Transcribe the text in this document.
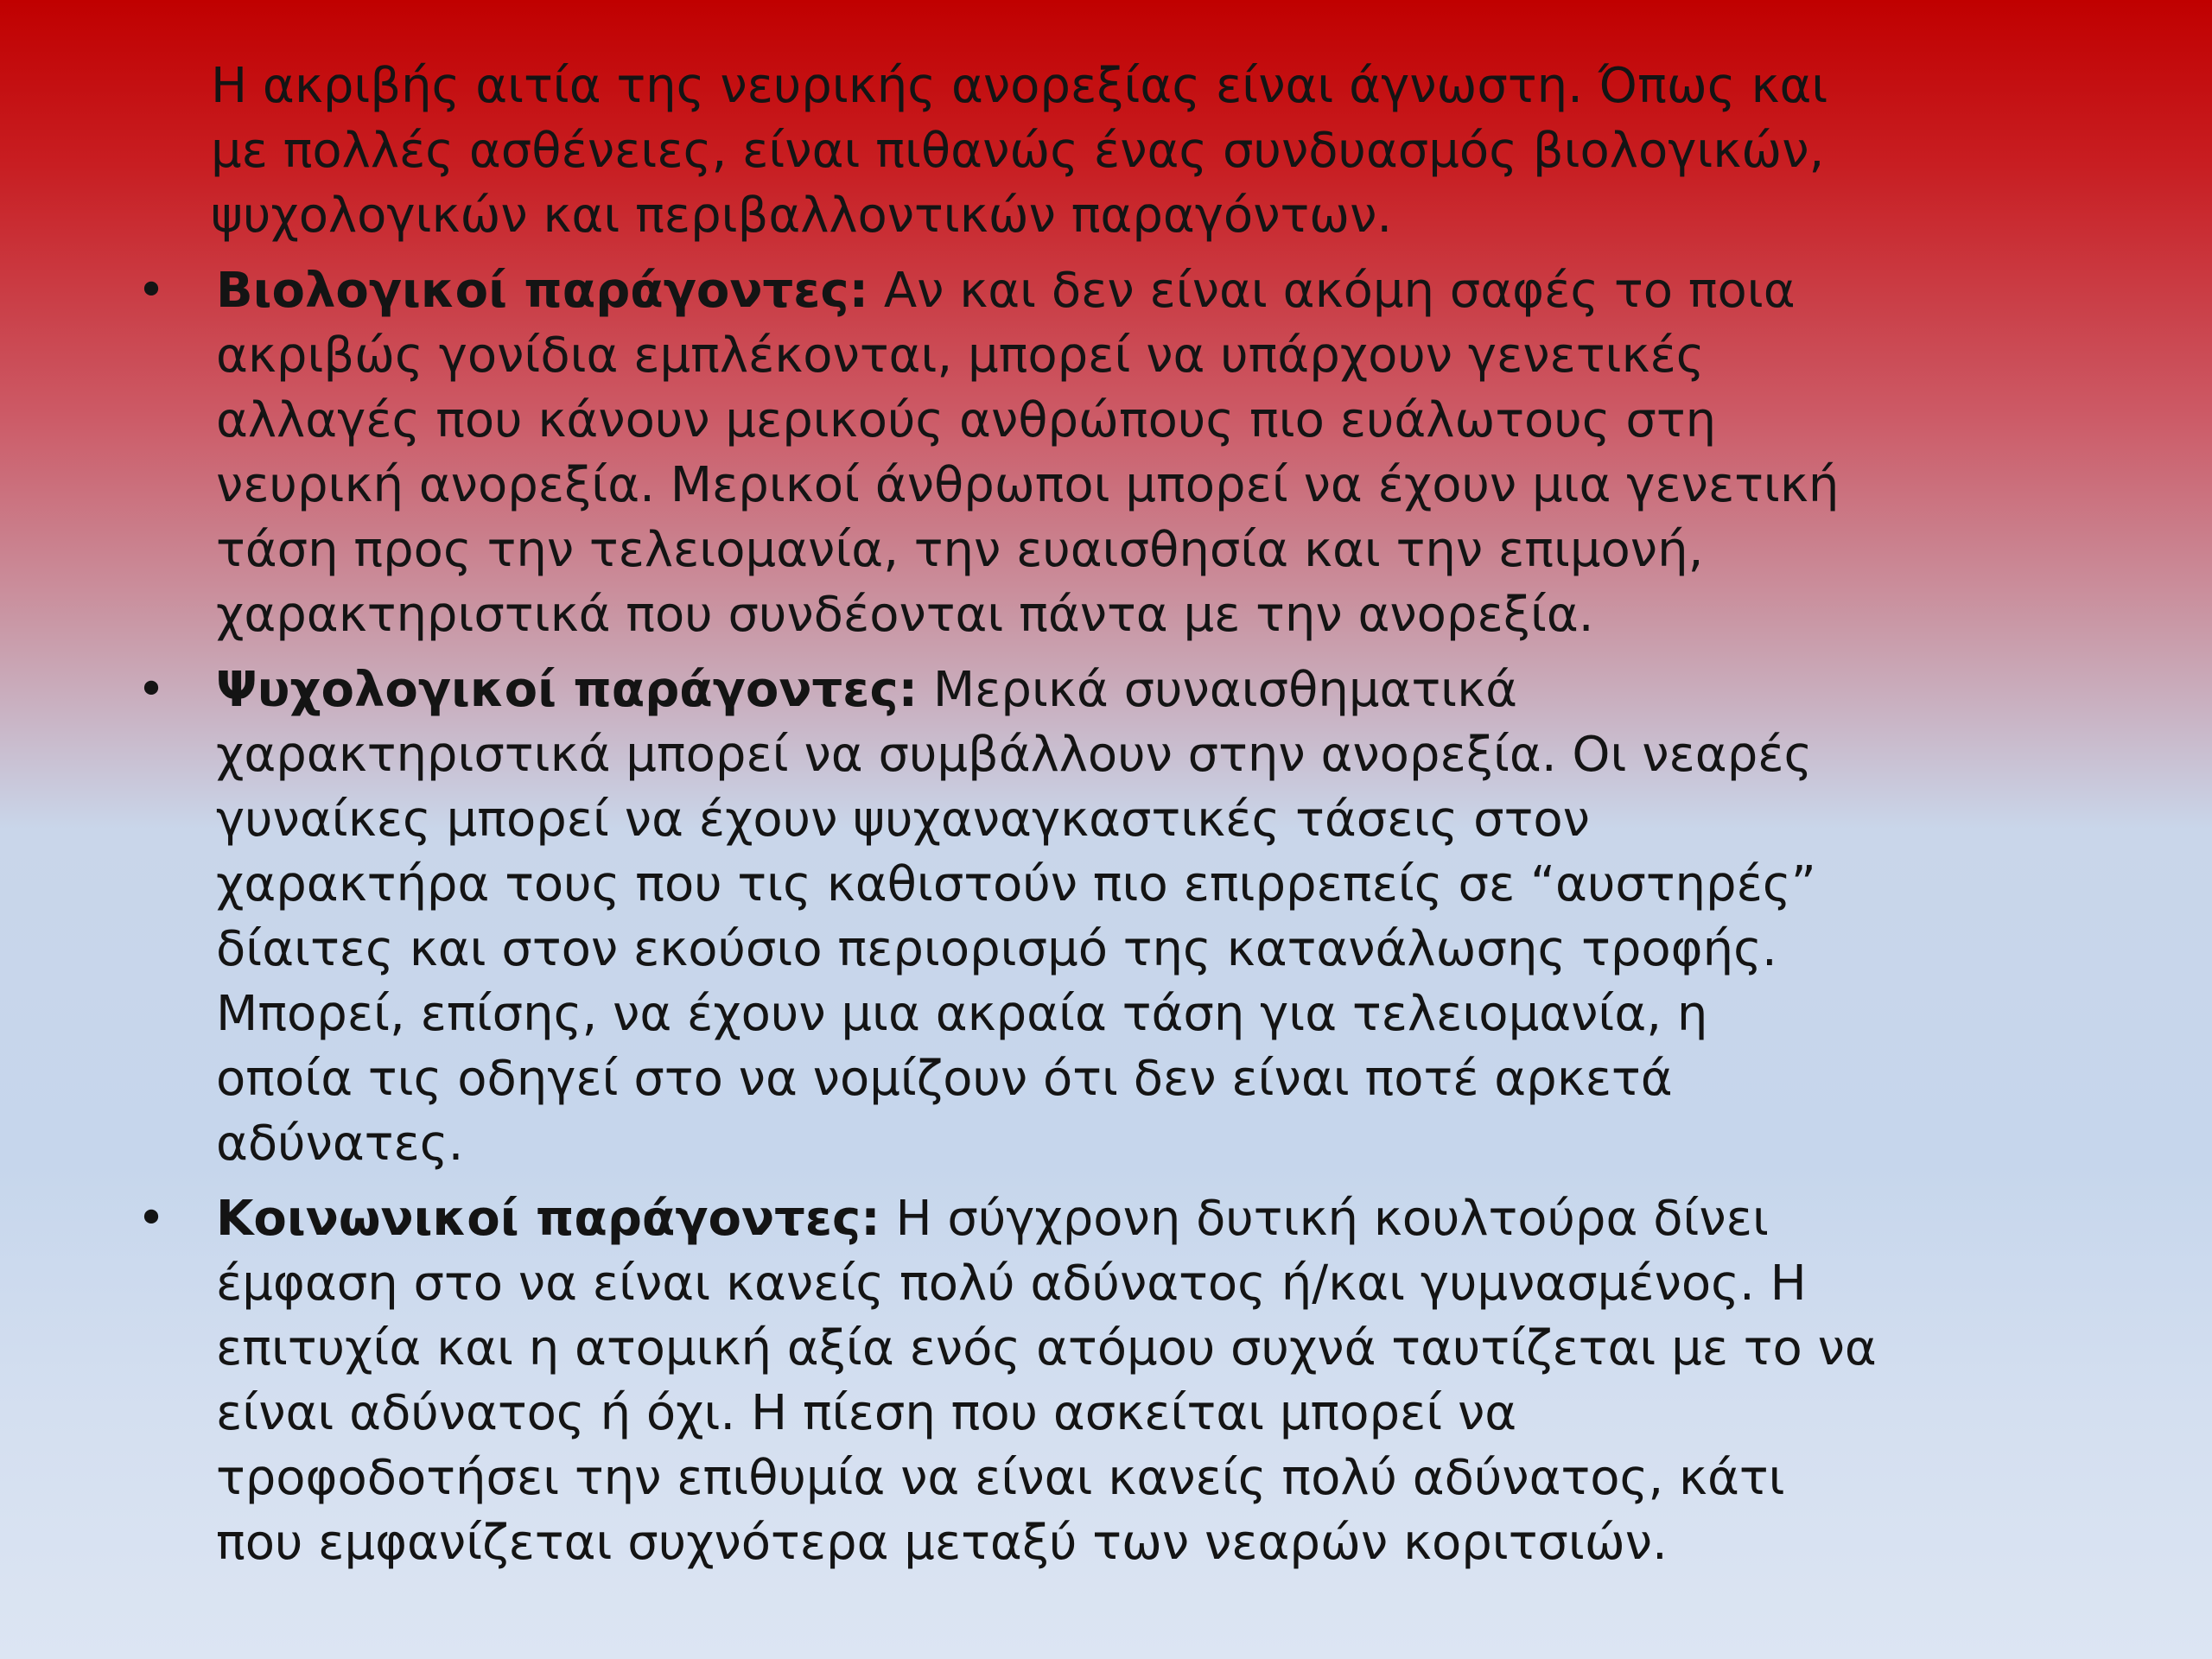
Η ακριβής αιτία της νευρικής ανορεξίας είναι άγνωστη. Όπως και
με πολλές ασθένειες, είναι πιθανώς ένας συνδυασμός βιολογικών,
ψυχολογικών και περιβαλλοντικών παραγόντων.
• Βιολογικοί παράγοντες: Αν και δεν είναι ακόμη σαφές το ποια
ακριβώς γονίδια εμπλέκονται, μπορεί να υπάρχουν γενετικές
αλλαγές που κάνουν μερικούς ανθρώπους πιο ευάλωτους στη
νευρική ανορεξία. Μερικοί άνθρωποι μπορεί να έχουν μια γενετική
τάση προς την τελειομανία, την ευαισθησία και την επιμονή,
χαρακτηριστικά που συνδέονται πάντα με την ανορεξία.
• Ψυχολογικοί παράγοντες: Μερικά συναισθηματικά
χαρακτηριστικά μπορεί να συμβάλλουν στην ανορεξία. Οι νεαρές
γυναίκες μπορεί να έχουν ψυχαναγκαστικές τάσεις στον
χαρακτήρα τους που τις καθιστούν πιο επιρρεπείς σε “αυστηρές”
δίαιτες και στον εκούσιο περιορισμό της κατανάλωσης τροφής.
Μπορεί, επίσης, να έχουν μια ακραία τάση για τελειομανία, η
οποία τις οδηγεί στο να νομίζουν ότι δεν είναι ποτέ αρκετά
αδύνατες.
• Κοινωνικοί παράγοντες: Η σύγχρονη δυτική κουλτούρα δίνει
έμφαση στο να είναι κανείς πολύ αδύνατος ή/και γυμνασμένος. Η
επιτυχία και η ατομική αξία ενός ατόμου συχνά ταυτίζεται με το να
είναι αδύνατος ή όχι. Η πίεση που ασκείται μπορεί να
τροφοδοτήσει την επιθυμία να είναι κανείς πολύ αδύνατος, κάτι
που εμφανίζεται συχνότερα μεταξύ των νεαρών κοριτσιών.
